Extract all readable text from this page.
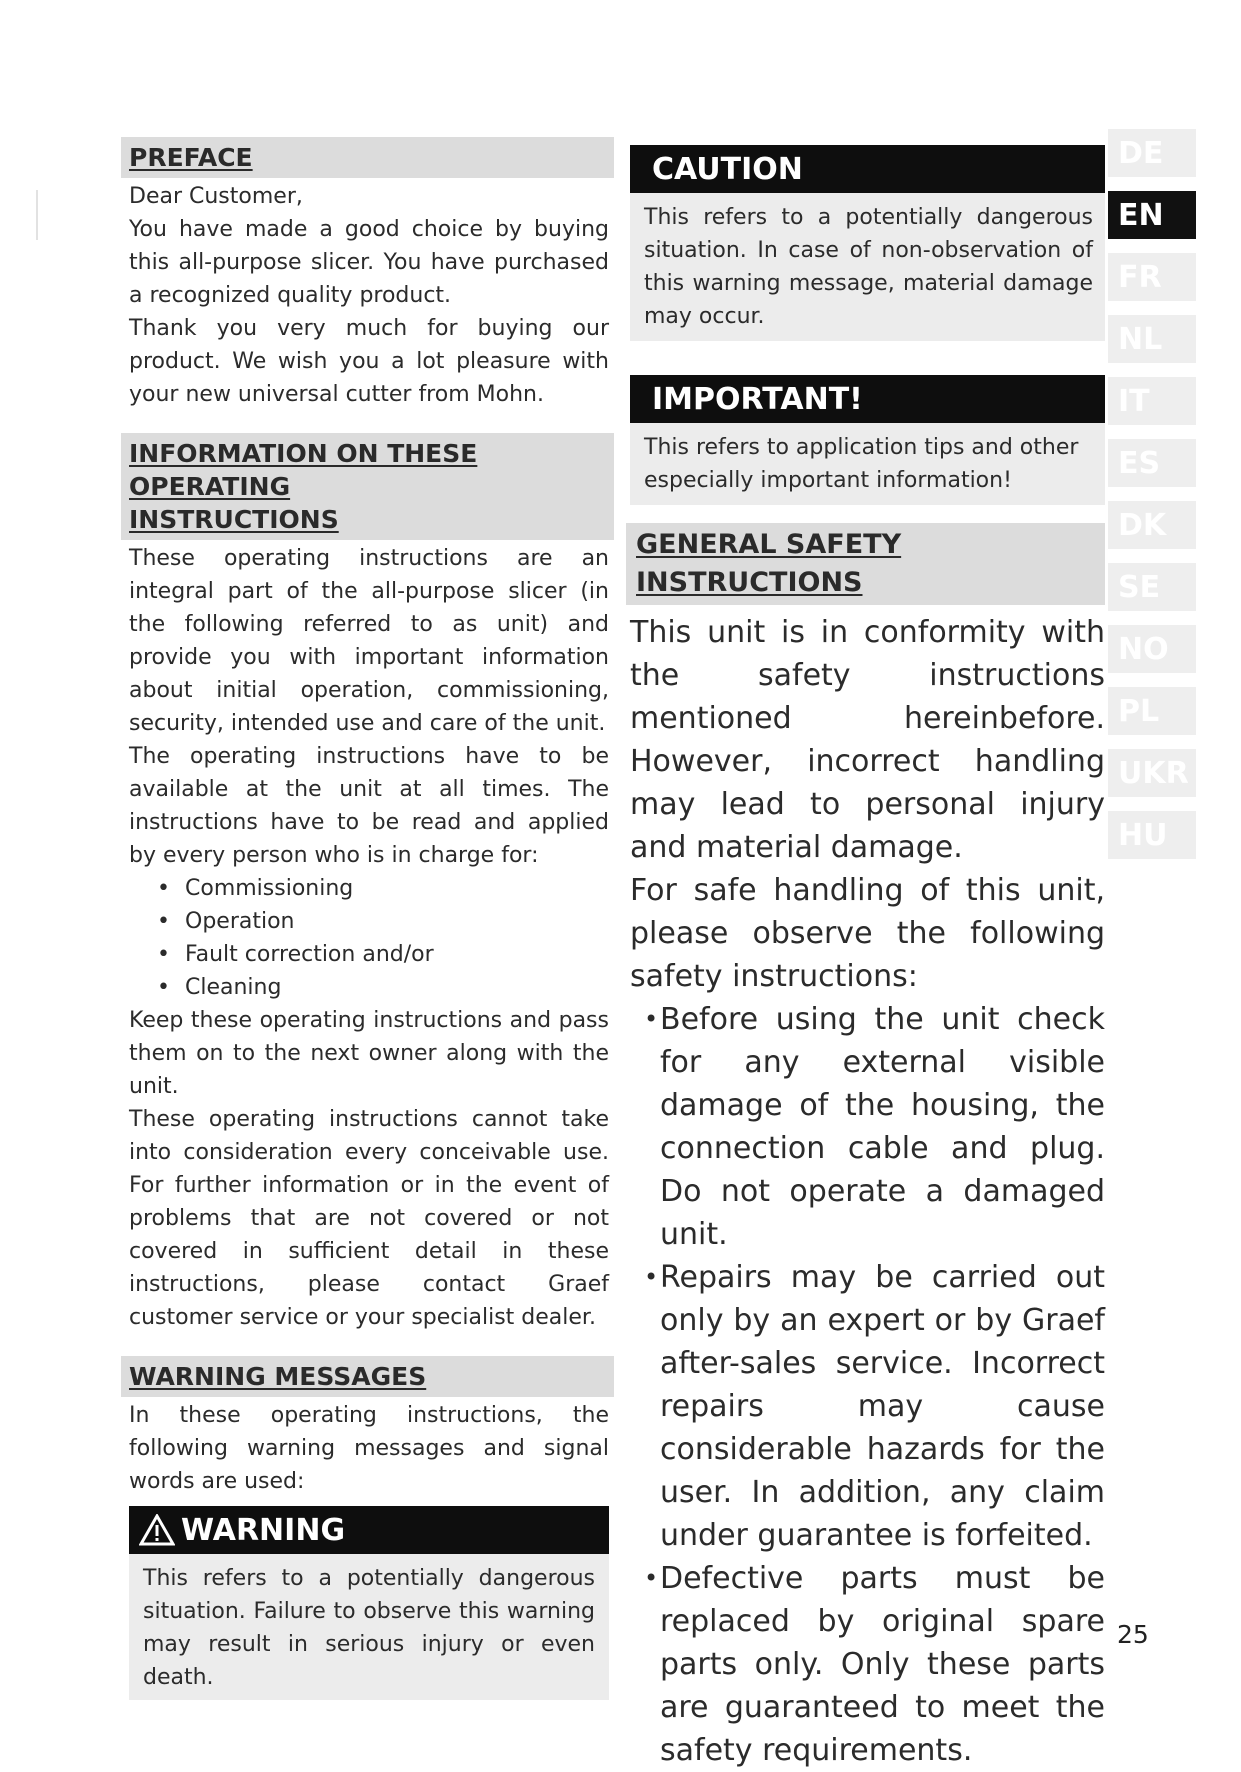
PREFACE

Dear Customer,

You have made a good choice by buying this all-purpose slicer. You have purchased a recognized quality product.

Thank you very much for buying our product. We wish you a lot pleasure with your new universal cutter from Mohn.

INFORMATION ON THESE OPERATING
INSTRUCTIONS

These operating instructions are an integral part of the all-purpose slicer (in the following referred to as unit) and provide you with important information about initial operation, commissioning, security, intended use and care of the unit.

The operating instructions have to be available at the unit at all times. The instructions have to be read and applied by every person who is in charge for:

• Commissioning
• Operation
• Fault correction and/or
• Cleaning

Keep these operating instructions and pass them on to the next owner along with the unit.

These operating instructions cannot take into consideration every conceivable use. For further information or in the event of problems that are not covered or not covered in sufficient detail in these instructions, please contact Graef customer service or your specialist dealer.

WARNING MESSAGES

In these operating instructions, the following warning messages and signal words are used:

WARNING
This refers to a potentially dangerous situation. Failure to observe this warning may result in serious injury or even death.
CAUTION
This refers to a potentially dangerous situation. In case of non-observation of this warning message, material damage may occur.
IMPORTANT!
This refers to application tips and other especially important information!
GENERAL SAFETY INSTRUCTIONS

This unit is in conformity with the safety instructions mentioned hereinbefore. However, incorrect handling may lead to personal injury and material damage.

For safe handling of this unit, please observe the following safety instructions:

• Before using the unit check for any external visible damage of the housing, the connection cable and plug. Do not operate a damaged unit.
• Repairs may be carried out only by an expert or by Graef after-sales service. Incorrect repairs may cause considerable hazards for the user. In addition, any claim under guarantee is forfeited.
• Defective parts must be replaced by original spare parts only. Only these parts are guaranteed to meet the safety requirements.
DE
EN
FR
NL
IT
ES
DK
SE
NO
PL
UKR
HU
25
